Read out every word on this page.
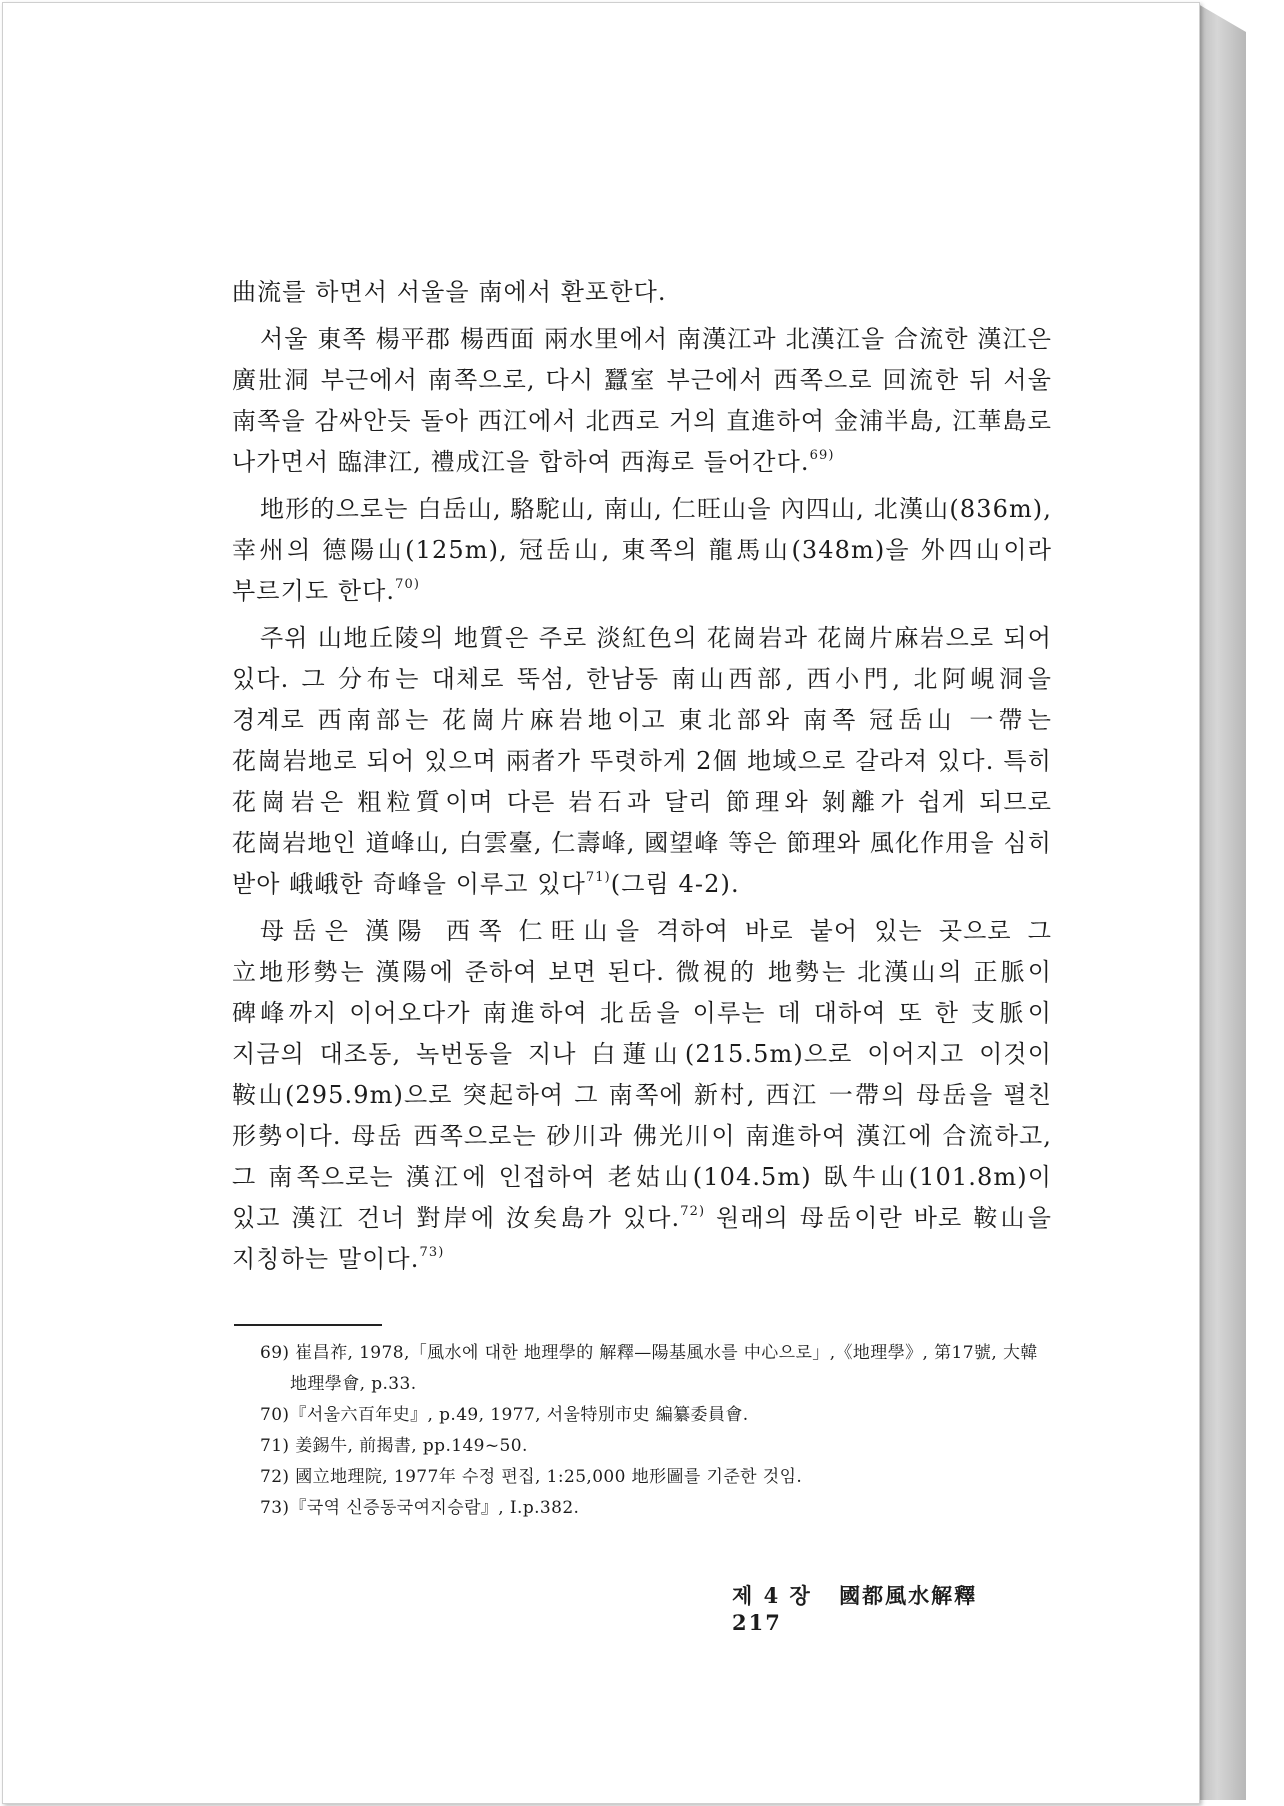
曲流를 하면서 서울을 南에서 환포한다.

서울 東쪽 楊平郡 楊西面 兩水里에서 南漢江과 北漢江을 合流한 漢江은 廣壯洞 부근에서 南쪽으로, 다시 蠶室 부근에서 西쪽으로 回流한 뒤 서울 南쪽을 감싸안듯 돌아 西江에서 北西로 거의 直進하여 金浦半島, 江華島로 나가면서 臨津江, 禮成江을 합하여 西海로 들어간다.$^{69)}$

地形的으로는 白岳山, 駱駝山, 南山, 仁旺山을 內四山, 北漢山(836m), 幸州의 德陽山(125m), 冠岳山, 東쪽의 龍馬山(348m)을 外四山이라 부르기도 한다.$^{70)}$

주위 山地丘陵의 地質은 주로 淡紅色의 花崗岩과 花崗片麻岩으로 되어 있다. 그 分布는 대체로 뚝섬, 한남동 南山西部, 西小門, 北阿峴洞을 경계로 西南部는 花崗片麻岩地이고 東北部와 南쪽 冠岳山 一帶는 花崗岩地로 되어 있으며 兩者가 뚜렷하게 2個 地域으로 갈라져 있다. 특히 花崗岩은 粗粒質이며 다른 岩石과 달리 節理와 剝離가 쉽게 되므로 花崗岩地인 道峰山, 白雲臺, 仁壽峰, 國望峰 等은 節理와 風化作用을 심히 받아 峨峨한 奇峰을 이루고 있다$^{71)}$(그림 4-2).

母岳은 漢陽 西쪽 仁旺山을 격하여 바로 붙어 있는 곳으로 그 立地形勢는 漢陽에 준하여 보면 된다. 微視的 地勢는 北漢山의 正脈이 碑峰까지 이어오다가 南進하여 北岳을 이루는 데 대하여 또 한 支脈이 지금의 대조동, 녹번동을 지나 白蓮山(215.5m)으로 이어지고 이것이 鞍山(295.9m)으로 突起하여 그 南쪽에 新村, 西江 一帶의 母岳을 펼친 形勢이다. 母岳 西쪽으로는 砂川과 佛光川이 南進하여 漢江에 合流하고, 그 南쪽으로는 漢江에 인접하여 老姑山(104.5m) 臥牛山(101.8m)이 있고 漢江 건너 對岸에 汝矣島가 있다.$^{72)}$ 원래의 母岳이란 바로 鞍山을 지칭하는 말이다.$^{73)}$

69) 崔昌祚, 1978,「風水에 대한 地理學的 解釋—陽基風水를 中心으로」,《地理學》, 第17號, 大韓地理學會, p.33.
70)『서울六百年史』, p.49, 1977, 서울特別市史 編纂委員會.
71) 姜錫牛, 前揭書, pp.149~50.
72) 國立地理院, 1977年 수정 편집, 1:25,000 地形圖를 기준한 것임.
73)『국역 신증동국여지승람』, I.p.382.
제 4 장 國都風水解釋 217
